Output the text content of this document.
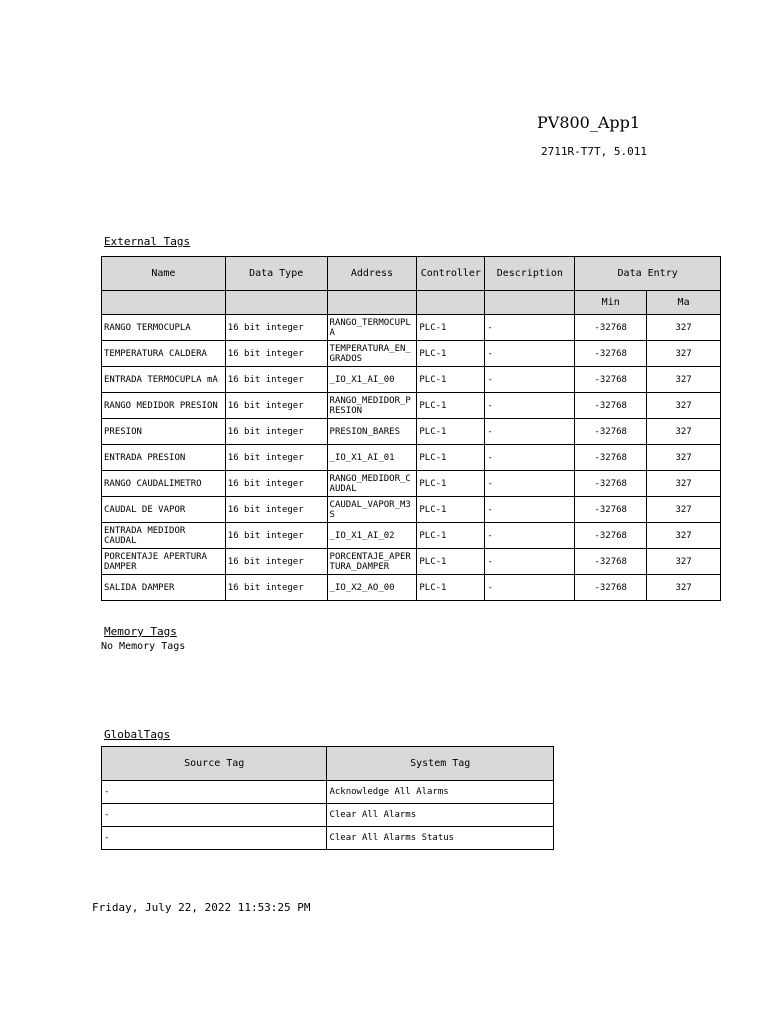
PV800_App1
2711R-T7T, 5.011
External Tags
Name	Data Type	Address	Controller	Description	Data Entry	
					Min	Ma
RANGO TERMOCUPLA	16 bit integer	RANGO_TERMOCUPLA	PLC-1	-	-32768	327
TEMPERATURA CALDERA	16 bit integer	TEMPERATURA_EN_GRADOS	PLC-1	-	-32768	327
ENTRADA TERMOCUPLA mA	16 bit integer	_IO_X1_AI_00	PLC-1	-	-32768	327
RANGO MEDIDOR PRESION	16 bit integer	RANGO_MEDIDOR_PRESION	PLC-1	-	-32768	327
PRESION	16 bit integer	PRESION_BARES	PLC-1	-	-32768	327
ENTRADA PRESION	16 bit integer	_IO_X1_AI_01	PLC-1	-	-32768	327
RANGO CAUDALIMETRO	16 bit integer	RANGO_MEDIDOR_CAUDAL	PLC-1	-	-32768	327
CAUDAL DE VAPOR	16 bit integer	CAUDAL_VAPOR_M3S	PLC-1	-	-32768	327
ENTRADA MEDIDOR CAUDAL	16 bit integer	_IO_X1_AI_02	PLC-1	-	-32768	327
PORCENTAJE APERTURA DAMPER	16 bit integer	PORCENTAJE_APERTURA_DAMPER	PLC-1	-	-32768	327
SALIDA DAMPER	16 bit integer	_IO_X2_AO_00	PLC-1	-	-32768	327
Memory Tags
No Memory Tags
GlobalTags
Source Tag	System Tag
-	Acknowledge All Alarms
-	Clear All Alarms
-	Clear All Alarms Status
Friday, July 22, 2022 11:53:25 PM
